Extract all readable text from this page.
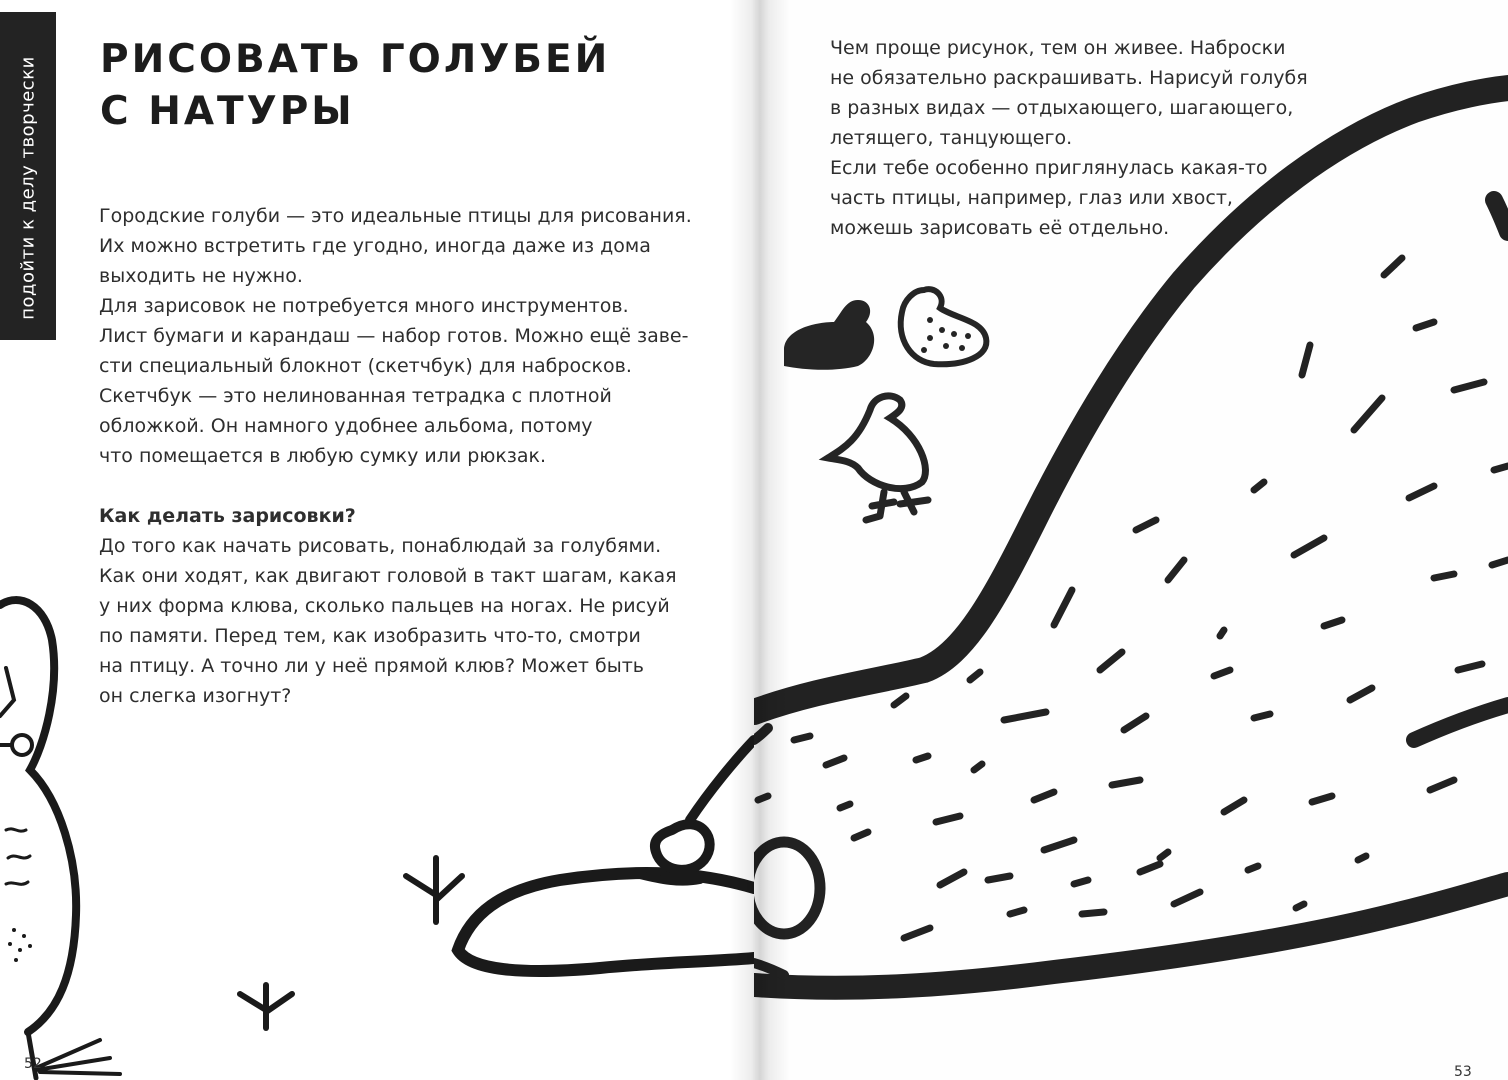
подойти к делу творчески РИСОВАТЬ ГОЛУБЕЙ
С НАТУРЫ

Городские голуби — это идеальные птицы для рисования.

Их можно встретить где угодно, иногда даже из дома

выходить не нужно.

Для зарисовок не потребуется много инструментов.

Лист бумаги и карандаш — набор готов. Можно ещё заве-

сти специальный блокнот (скетчбук) для набросков.

Скетчбук — это нелинованная тетрадка с плотной

обложкой. Он намного удобнее альбома, потому

что помещается в любую сумку или рюкзак.

Как делать зарисовки?

До того как начать рисовать, понаблюдай за голубями.

Как они ходят, как двигают головой в такт шагам, какая

у них форма клюва, сколько пальцев на ногах. Не рисуй

по памяти. Перед тем, как изобразить что-то, смотри

на птицу. А точно ли у неё прямой клюв? Может быть

он слегка изогнут?

52

Чем проще рисунок, тем он живее. Наброски

не обязательно раскрашивать. Нарисуй голубя

в разных видах — отдыхающего, шагающего,

летящего, танцующего.

Если тебе особенно приглянулась какая-то

часть птицы, например, глаз или хвост,

можешь зарисовать её отдельно.

53
